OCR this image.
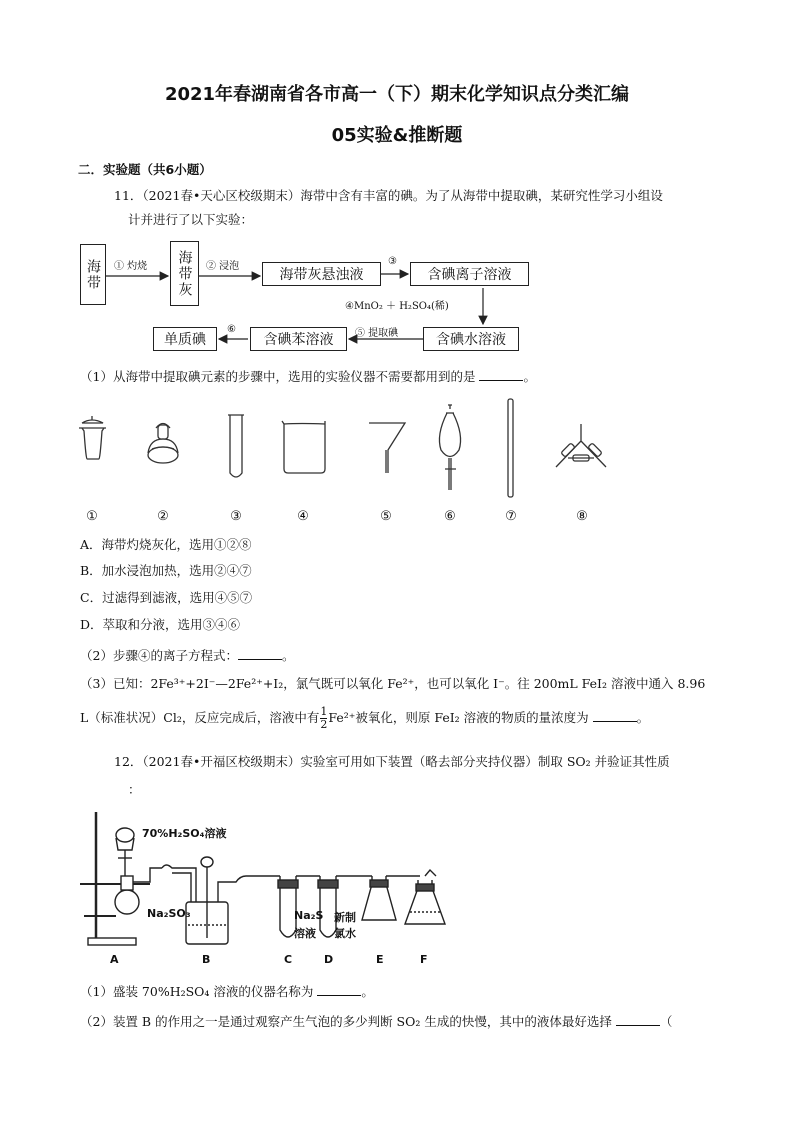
2021年春湖南省各市高一（下）期末化学知识点分类汇编
05实验&推断题
二．实验题（共6小题）
11．（2021春•天心区校级期末）海带中含有丰富的碘。为了从海带中提取碘，某研究性学习小组设
计并进行了以下实验：
海带	海带灰	海带灰悬浊液	含碘离子溶液
含碘水溶液
含碘苯溶液
单质碘
① 灼烧	② 浸泡	③
④MnO₂ ＋ H₂SO₄(稀)
⑤ 提取碘
⑥
（1）从海带中提取碘元素的步骤中，选用的实验仪器不需要都用到的是	。
①	②	③	④	⑤	⑥	⑦	⑧
A．海带灼烧灰化，选用①②⑧
B．加水浸泡加热，选用②④⑦
C．过滤得到滤液，选用④⑤⑦
D．萃取和分液，选用③④⑥
（2）步骤④的离子方程式：	。
（3）已知：2Fe³⁺+2I⁻—2Fe²⁺+I₂，氯气既可以氧化 Fe²⁺，也可以氧化 I⁻。往 200mL FeI₂ 溶液中通入 8.96
L（标准状况）Cl₂，反应完成后，溶液中有 $\frac{1}{2} Fe^{2+}$被氧化，则原 FeI₂ 溶液的物质的量浓度为	。
12．（2021春•开福区校级期末）实验室可用如下装置（略去部分夹持仪器）制取 SO₂ 并验证其性质
：
70%H₂SO₄溶液
Na₂SO₃	Na₂S
溶液
新制
氯水
A	B	C	D	E	F
（1）盛装 70%H₂SO₄ 溶液的仪器名称为	。
（2）装置 B 的作用之一是通过观察产生气泡的多少判断 SO₂ 生成的快慢，其中的液体最好选择	（
